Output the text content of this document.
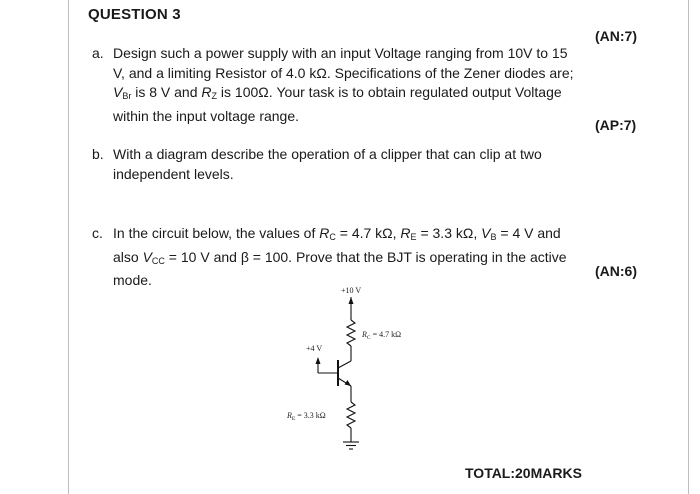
QUESTION 3
(AN:7)
a. Design such a power supply with an input Voltage ranging from 10V to 15 V, and a limiting Resistor of 4.0 kΩ. Specifications of the Zener diodes are; $V_{Br}$ is 8 V and $R_Z$ is 100Ω. Your task is to obtain regulated output Voltage within the input voltage range.
(AP:7)
b. With a diagram describe the operation of a clipper that can clip at two independent levels.
c. In the circuit below, the values of $R_C = 4.7$ kΩ, $R_E = 3.3$ kΩ, $V_B = 4$ V and also $V_{CC} = 10$ V and β = 100. Prove that the BJT is operating in the active mode.
(AN:6)
+10 V
+4 V
$R_C = 4.7$ kΩ
$R_E = 3.3$ kΩ
TOTAL:20MARKS
